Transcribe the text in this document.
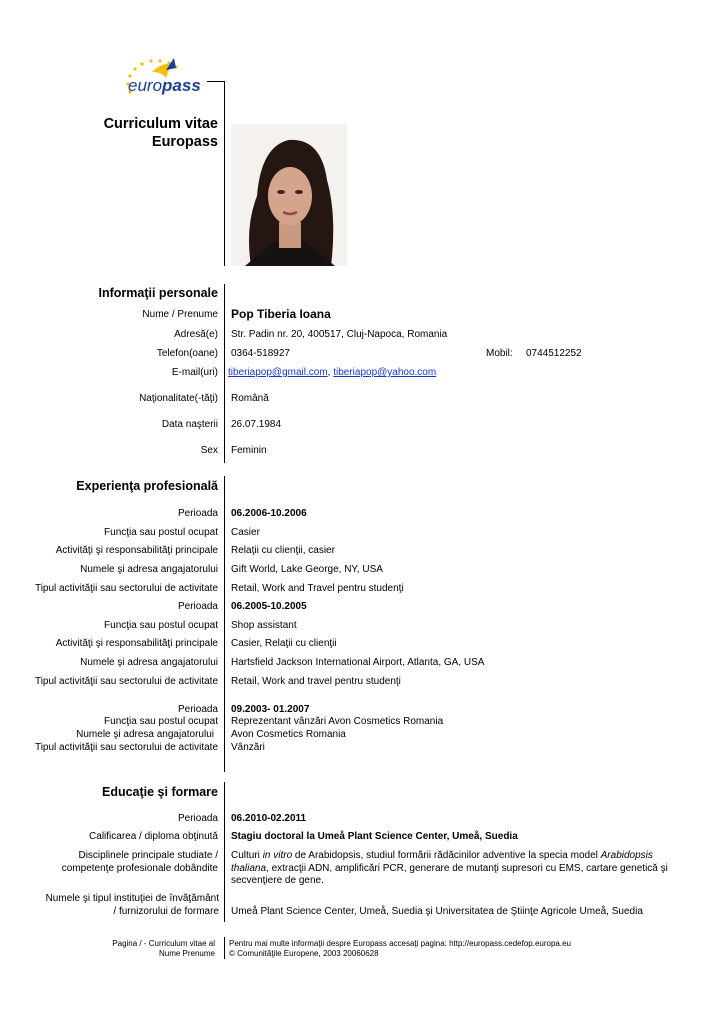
europass
Curriculum vitae
Europass
Informaţii personale
Nume / Prenume Pop Tiberia Ioana
Adresă(e) Str. Padin nr. 20, 400517, Cluj-Napoca, Romania
Telefon(oane) 0364-518927	Mobil: 0744512252
E-mail(uri) tiberiapop@gmail.com, tiberiapop@yahoo.com
Naţionalitate(-tăţi) Română
Data naşterii 26.07.1984
Sex Feminin
Experienţa profesională
Perioada 06.2006-10.2006
Funcţia sau postul ocupat Casier
Activităţi şi responsabilităţi principale Relaţii cu clienţii, casier
Numele şi adresa angajatorului Gift World, Lake George, NY, USA
Tipul activităţii sau sectorului de activitate Retail, Work and Travel pentru studenţi
Perioada 06.2005-10.2005
Funcţia sau postul ocupat Shop assistant
Activităţi şi responsabilităţi principale Casier, Relaţii cu clienţii
Numele şi adresa angajatorului Hartsfield Jackson International Airport, Atlanta, GA, USA
Tipul activităţii sau sectorului de activitate Retail, Work and travel pentru studenţi
Perioada 09.2003- 01.2007
Funcţia sau postul ocupat Reprezentant vânzări Avon Cosmetics Romania
Numele şi adresa angajatorului Avon Cosmetics Romania
Tipul activităţii sau sectorului de activitate Vânzări
Educaţie şi formare
Perioada 06.2010-02.2011
Calificarea / diploma obţinută Stagiu doctoral la Umeå Plant Science Center, Umeå, Suedia
Disciplinele principale studiate /
competenţe profesionale dobândite
Culturi in vitro de Arabidopsis, studiul formării rădăcinilor adventive la specia model Arabidopsis
thaliana, extracţii ADN, amplificări PCR, generare de mutanţi supresori cu EMS, cartare genetică şi
secvenţiere de gene.
Numele şi tipul instituţiei de învăţământ
/ furnizorului de formare Umeå Plant Science Center, Umeå, Suedia şi Universitatea de Ştiinţe Agricole Umeå, Suedia
Pagina / - Curriculum vitae al
Nume Prenume
Pentru mai multe informaţii despre Europass accesaţi pagina: http://europass.cedefop.europa.eu
© Comunităţile Europene, 2003 20060628
